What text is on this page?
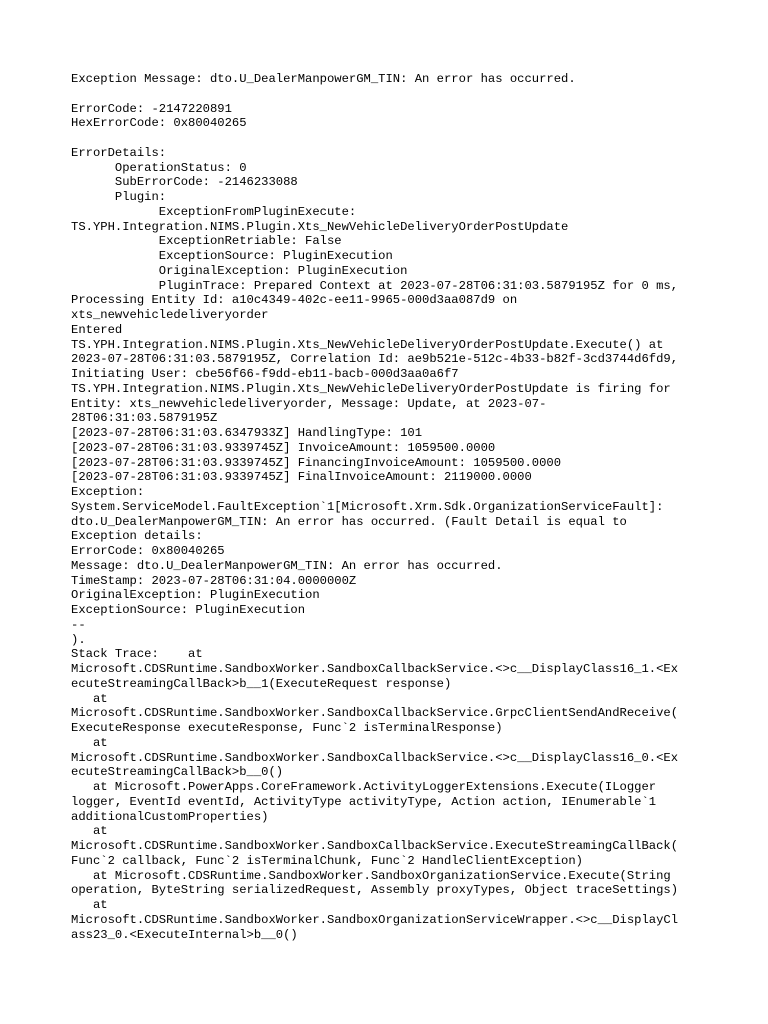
Exception Message: dto.U_DealerManpowerGM_TIN: An error has occurred.
ErrorCode: -2147220891
HexErrorCode: 0x80040265
ErrorDetails:
OperationStatus: 0
SubErrorCode: -2146233088
Plugin:
ExceptionFromPluginExecute:
TS.YPH.Integration.NIMS.Plugin.Xts_NewVehicleDeliveryOrderPostUpdate
ExceptionRetriable: False
ExceptionSource: PluginExecution
OriginalException: PluginExecution
PluginTrace: Prepared Context at 2023-07-28T06:31:03.5879195Z for 0 ms,
Processing Entity Id: a10c4349-402c-ee11-9965-000d3aa087d9 on
xts_newvehicledeliveryorder
Entered
TS.YPH.Integration.NIMS.Plugin.Xts_NewVehicleDeliveryOrderPostUpdate.Execute() at
2023-07-28T06:31:03.5879195Z, Correlation Id: ae9b521e-512c-4b33-b82f-3cd3744d6fd9,
Initiating User: cbe56f66-f9dd-eb11-bacb-000d3aa0a6f7
TS.YPH.Integration.NIMS.Plugin.Xts_NewVehicleDeliveryOrderPostUpdate is firing for
Entity: xts_newvehicledeliveryorder, Message: Update, at 2023-07-
28T06:31:03.5879195Z
[2023-07-28T06:31:03.6347933Z] HandlingType: 101
[2023-07-28T06:31:03.9339745Z] InvoiceAmount: 1059500.0000
[2023-07-28T06:31:03.9339745Z] FinancingInvoiceAmount: 1059500.0000
[2023-07-28T06:31:03.9339745Z] FinalInvoiceAmount: 2119000.0000
Exception:
System.ServiceModel.FaultException`1[Microsoft.Xrm.Sdk.OrganizationServiceFault]:
dto.U_DealerManpowerGM_TIN: An error has occurred. (Fault Detail is equal to
Exception details:
ErrorCode: 0x80040265
Message: dto.U_DealerManpowerGM_TIN: An error has occurred.
TimeStamp: 2023-07-28T06:31:04.0000000Z
OriginalException: PluginExecution
ExceptionSource: PluginExecution
--
).
Stack Trace:    at
Microsoft.CDSRuntime.SandboxWorker.SandboxCallbackService.<>c__DisplayClass16_1.<Ex
ecuteStreamingCallBack>b__1(ExecuteRequest response)
at
Microsoft.CDSRuntime.SandboxWorker.SandboxCallbackService.GrpcClientSendAndReceive(
ExecuteResponse executeResponse, Func`2 isTerminalResponse)
at
Microsoft.CDSRuntime.SandboxWorker.SandboxCallbackService.<>c__DisplayClass16_0.<Ex
ecuteStreamingCallBack>b__0()
at Microsoft.PowerApps.CoreFramework.ActivityLoggerExtensions.Execute(ILogger
logger, EventId eventId, ActivityType activityType, Action action, IEnumerable`1
additionalCustomProperties)
at
Microsoft.CDSRuntime.SandboxWorker.SandboxCallbackService.ExecuteStreamingCallBack(
Func`2 callback, Func`2 isTerminalChunk, Func`2 HandleClientException)
at Microsoft.CDSRuntime.SandboxWorker.SandboxOrganizationService.Execute(String
operation, ByteString serializedRequest, Assembly proxyTypes, Object traceSettings)
at
Microsoft.CDSRuntime.SandboxWorker.SandboxOrganizationServiceWrapper.<>c__DisplayCl
ass23_0.<ExecuteInternal>b__0()
